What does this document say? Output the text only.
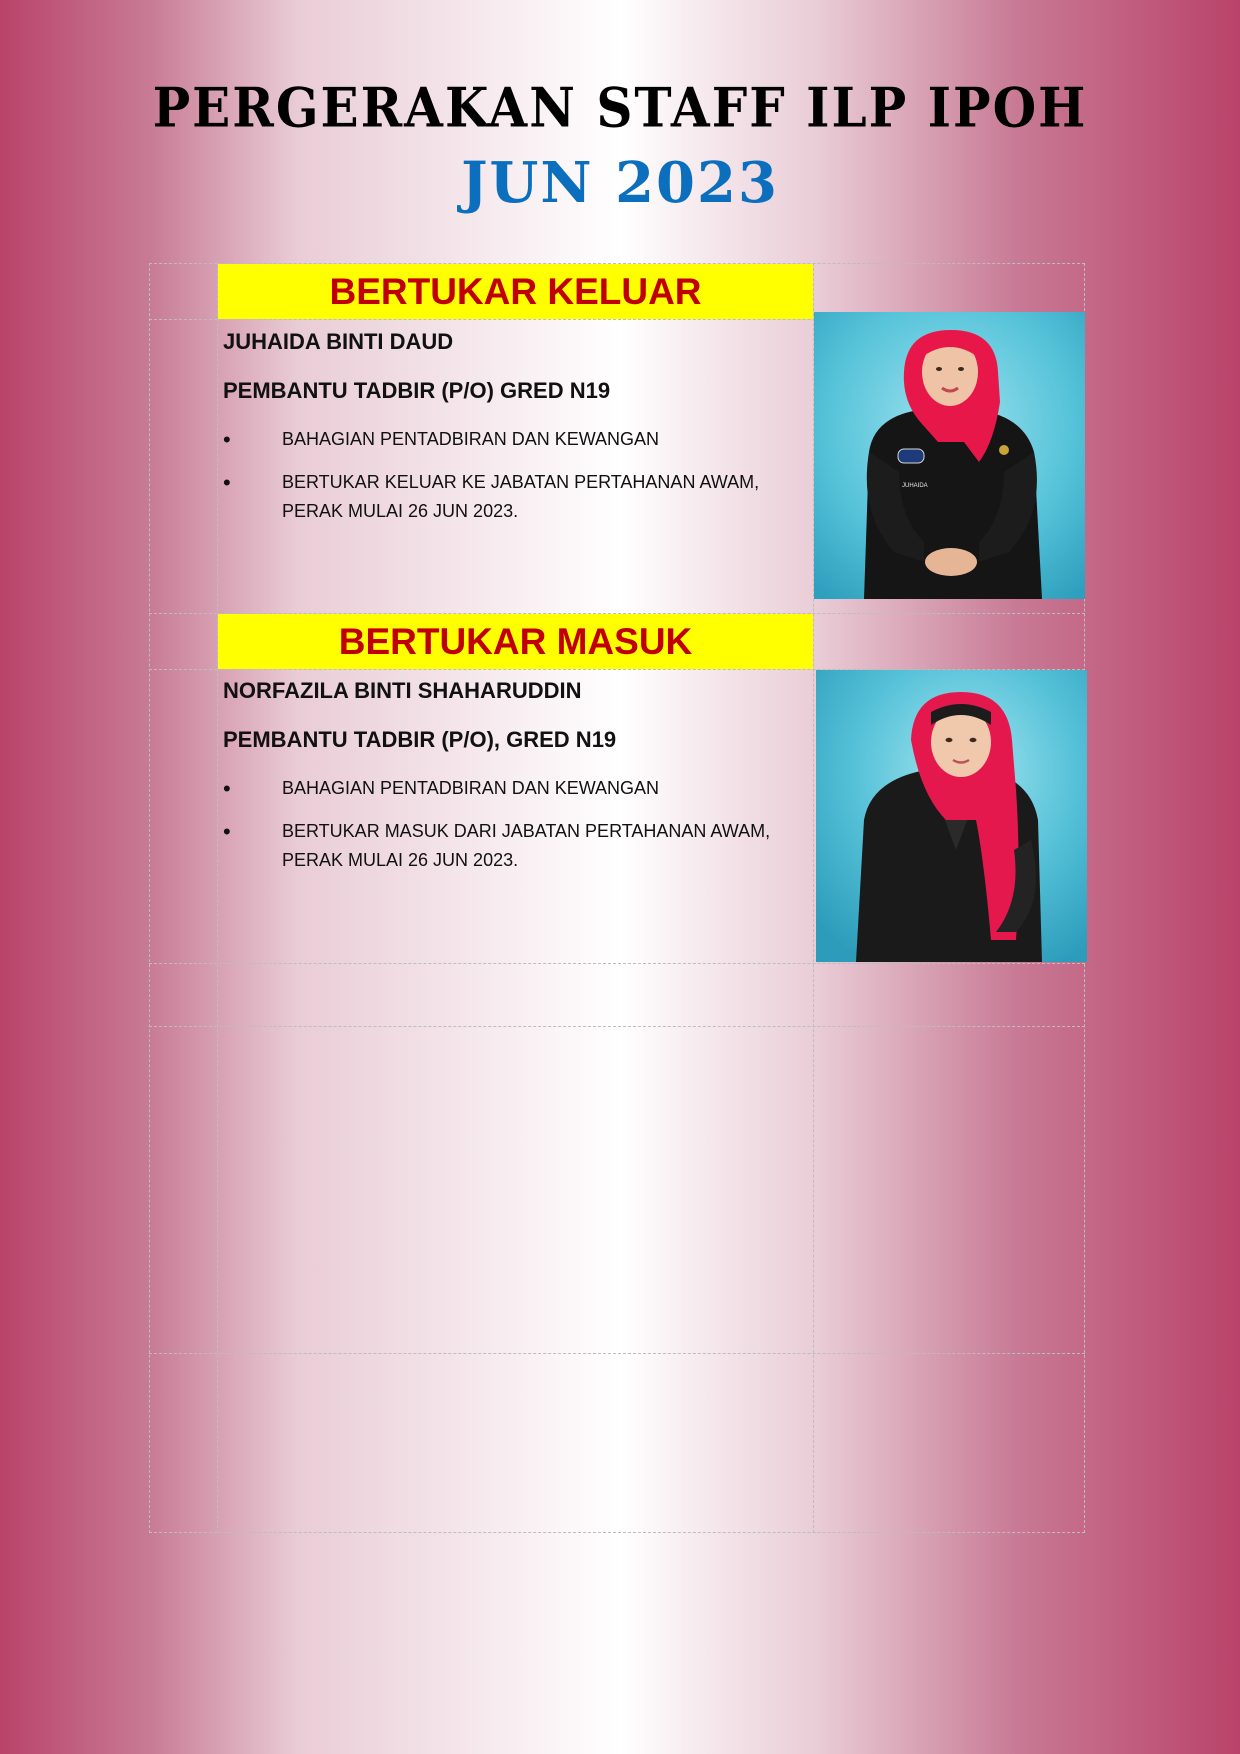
PERGERAKAN STAFF ILP IPOH
JUN 2023
BERTUKAR KELUAR
JUHAIDA BINTI DAUD
PEMBANTU TADBIR (P/O) GRED N19
•	BAHAGIAN PENTADBIRAN DAN KEWANGAN
•	BERTUKAR KELUAR KE JABATAN PERTAHANAN AWAM, PERAK MULAI 26 JUN 2023.
JUHAIDA
BERTUKAR MASUK
NORFAZILA BINTI SHAHARUDDIN
PEMBANTU TADBIR (P/O), GRED N19
•	BAHAGIAN PENTADBIRAN DAN KEWANGAN
•	BERTUKAR MASUK DARI JABATAN PERTAHANAN AWAM, PERAK MULAI 26 JUN 2023.
